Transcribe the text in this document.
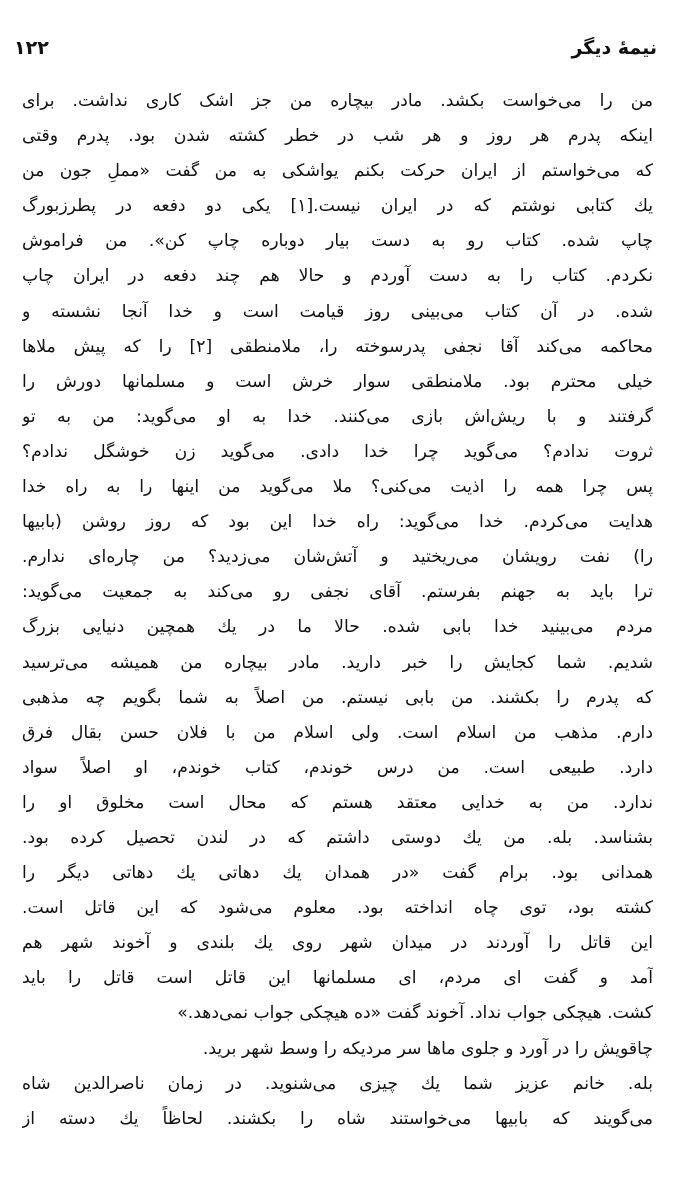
۱۲۲	نیمهٔ دیگر
من را می‌خواست بکشد. مادر بیچاره من جز اشک کاری نداشت. برای
اینکه پدرم هر روز و هر شب در خطر کشته شدن بود. پدرم وقتی
که می‌خواستم از ایران حرکت بکنم یواشکی به من گفت «مملِ جون من
یك کتابی نوشتم که در ایران نیست.[۱] یکی دو دفعه در پطرزبورگ
چاپ شده. کتاب رو به دست بیار دوباره چاپ کن». من فراموش
نکردم. کتاب را به دست آوردم و حالا هم چند دفعه در ایران چاپ
شده. در آن کتاب می‌بینی روز قیامت است و خدا آنجا نشسته و
محاکمه می‌کند آقا نجفی پدرسوخته را، ملامنطقی [۲] را که پیش ملاها
خیلی محترم بود. ملامنطقی سوار خرش است و مسلمانها دورش را
گرفتند و با ریش‌اش بازی می‌کنند. خدا به او می‌گوید: من به تو
ثروت ندادم؟ می‌گوید چرا خدا دادی. می‌گوید زن خوشگل ندادم؟
پس چرا همه را اذیت می‌کنی؟ ملا می‌گوید من اینها را به راه خدا
هدایت می‌کردم. خدا می‌گوید: راه خدا این بود که روز روشن (بابیها
را) نفت رویشان می‌ریختید و آتش‌شان می‌زدید؟ من چاره‌ای ندارم.
ترا باید به جهنم بفرستم. آقای نجفی رو می‌کند به جمعیت می‌گوید:
مردم می‌بینید خدا بابی شده. حالا ما در یك همچین دنیایی بزرگ
شدیم. شما کجایش را خبر دارید. مادر بیچاره من همیشه می‌ترسید
که پدرم را بکشند. من بابی نیستم. من اصلاً به شما بگویم چه مذهبی
دارم. مذهب من اسلام است. ولی اسلام من با فلان حسن بقال فرق
دارد. طبیعی است. من درس خوندم، کتاب خوندم، او اصلاً سواد
ندارد. من به خدایی معتقد هستم که محال است مخلوق او را
بشناسد. بله. من یك دوستی داشتم که در لندن تحصیل کرده بود.
همدانی بود. برام گفت «در همدان یك دهاتی یك دهاتی دیگر را
کشته بود، توی چاه انداخته بود. معلوم می‌شود که این قاتل است.
این قاتل را آوردند در میدان شهر روی یك بلندی و آخوند شهر هم
آمد و گفت ای مردم، ای مسلمانها این قاتل است قاتل را باید
کشت. هیچکی جواب نداد. آخوند گفت «ده هیچکی جواب نمی‌دهد.»
چاقویش را در آورد و جلوی ماها سر مردیکه را وسط شهر برید.
بله. خانم عزیز شما یك چیزی می‌شنوید. در زمان ناصرالدین شاه
می‌گویند که بابیها می‌خواستند شاه را بکشند. لحاظاً یك دسته از
